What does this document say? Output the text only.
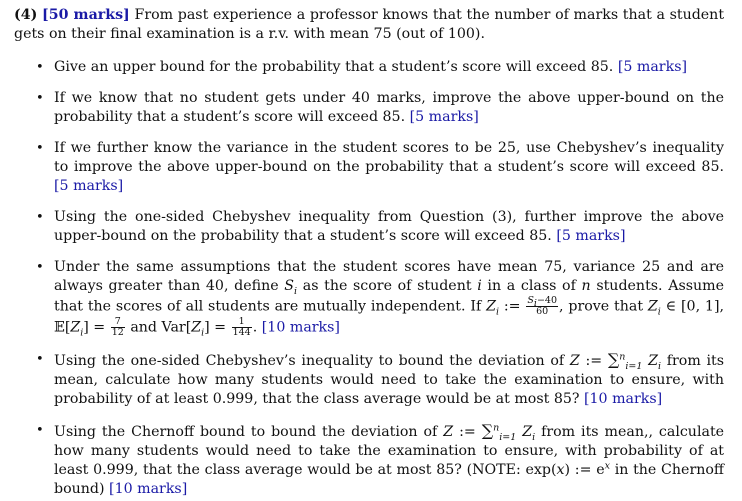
(4) [50 marks] From past experience a professor knows that the number of marks that a student gets on their final examination is a r.v. with mean 75 (out of 100).

• Give an upper bound for the probability that a student’s score will exceed 85. [5 marks]
• If we know that no student gets under 40 marks, improve the above upper-bound on the probability that a student’s score will exceed 85. [5 marks]
• If we further know the variance in the student scores to be 25, use Chebyshev’s inequality to improve the above upper-bound on the probability that a student’s score will exceed 85. [5 marks]
• Using the one-sided Chebyshev inequality from Question (3), further improve the above upper-bound on the probability that a student’s score will exceed 85. [5 marks]
• Under the same assumptions that the student scores have mean 75, variance 25 and are always greater than 40, define $S_i$ as the score of student i in a class of n students. Assume that the scores of all students are mutually independent. If $Z_i$ := $\frac{S_i-40}{60}$ , prove that $Z_i$ ∈ [0, 1], $𝔼[Z_i] = \frac{7}{12}$ and $Var[Z_i] = \frac{1}{144}$ . [10 marks]
• Using the one-sided Chebyshev’s inequality to bound the deviation of Z := ∑$^n_{i=1}$ $Z_i$ from its mean, calculate how many students would need to take the examination to ensure, with probability of at least 0.999, that the class average would be at most 85? [10 marks]
• Using the Chernoff bound to bound the deviation of Z := ∑$^n_{i=1}$ $Z_i$ from its mean,, calculate how many students would need to take the examination to ensure, with probability of at least 0.999, that the class average would be at most 85? (NOTE: exp(x) := $e^x$ in the Chernoff bound) [10 marks]
